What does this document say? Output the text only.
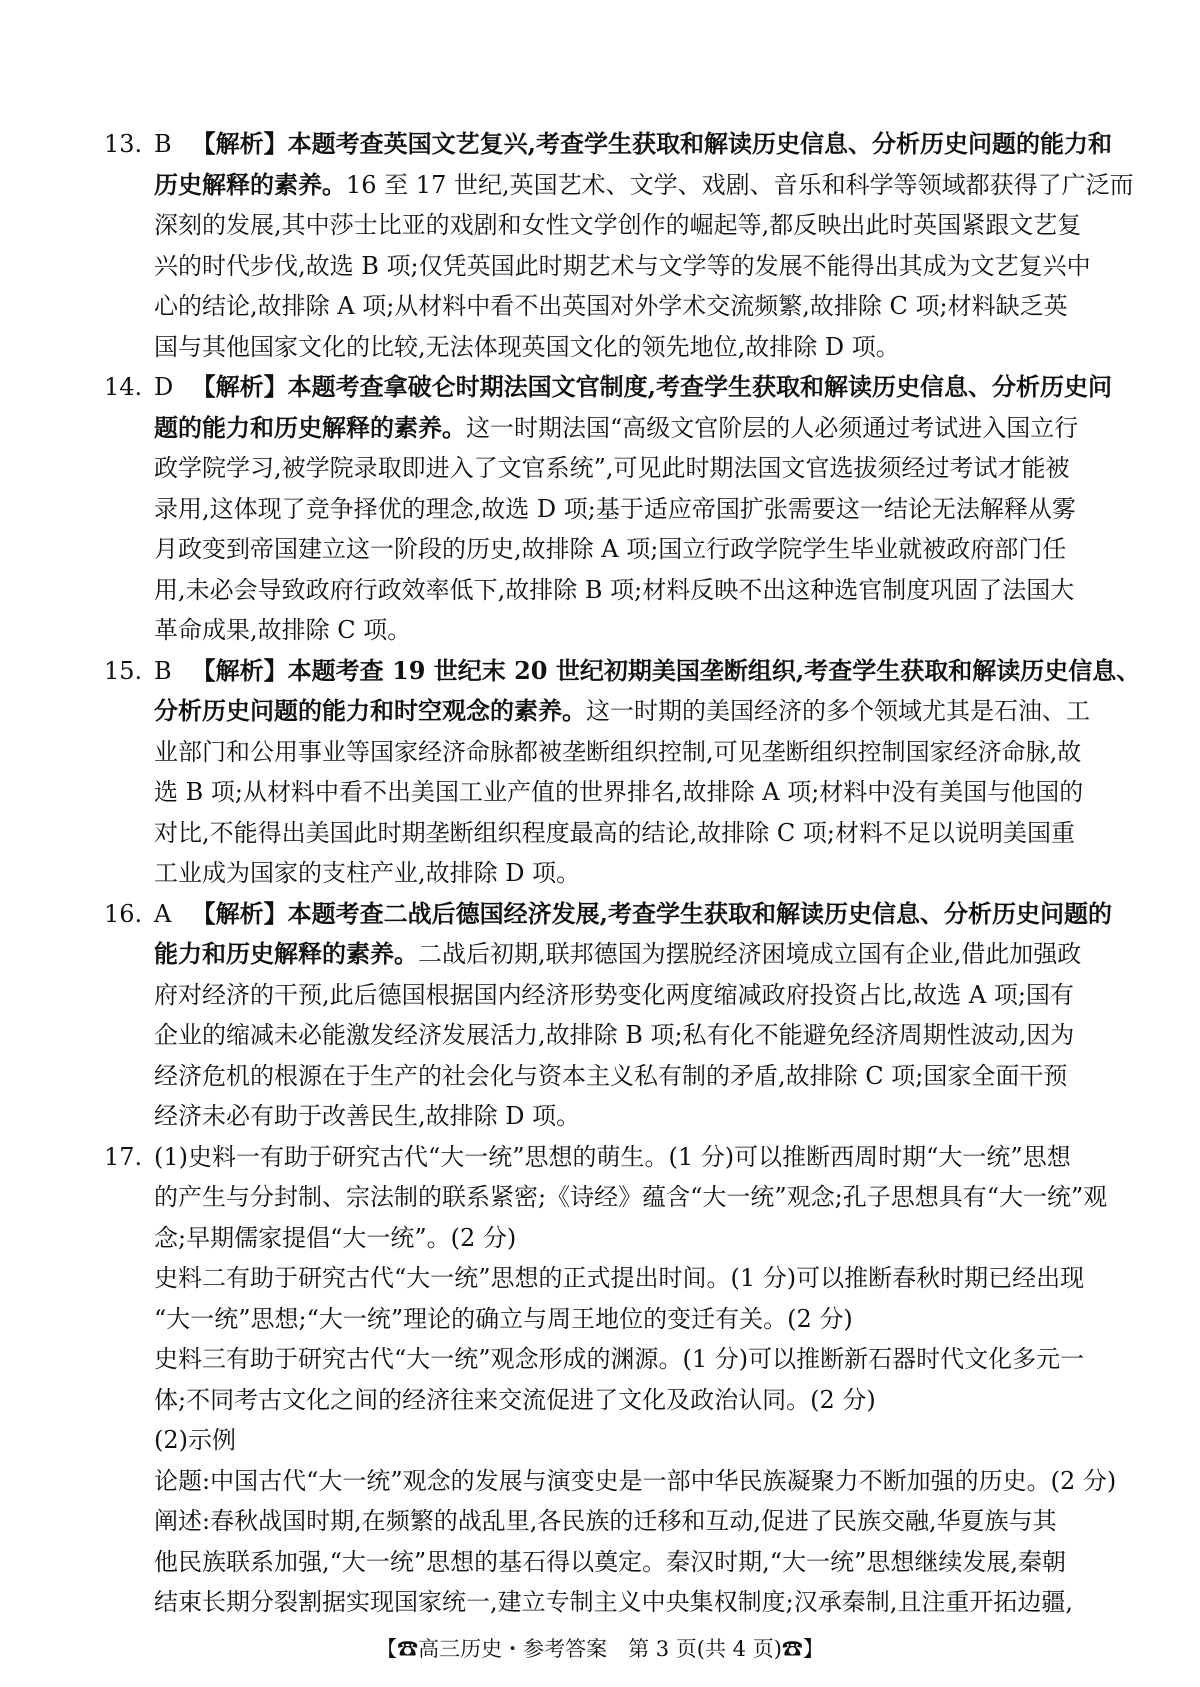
13. B 【解析】本题考查英国文艺复兴,考查学生获取和解读历史信息、分析历史问题的能力和
历史解释的素养。16 至 17 世纪,英国艺术、文学、戏剧、音乐和科学等领域都获得了广泛而
深刻的发展,其中莎士比亚的戏剧和女性文学创作的崛起等,都反映出此时英国紧跟文艺复
兴的时代步伐,故选 B 项;仅凭英国此时期艺术与文学等的发展不能得出其成为文艺复兴中
心的结论,故排除 A 项;从材料中看不出英国对外学术交流频繁,故排除 C 项;材料缺乏英
国与其他国家文化的比较,无法体现英国文化的领先地位,故排除 D 项。
14. D 【解析】本题考查拿破仑时期法国文官制度,考查学生获取和解读历史信息、分析历史问
题的能力和历史解释的素养。这一时期法国“高级文官阶层的人必须通过考试进入国立行
政学院学习,被学院录取即进入了文官系统”,可见此时期法国文官选拔须经过考试才能被
录用,这体现了竞争择优的理念,故选 D 项;基于适应帝国扩张需要这一结论无法解释从雾
月政变到帝国建立这一阶段的历史,故排除 A 项;国立行政学院学生毕业就被政府部门任
用,未必会导致政府行政效率低下,故排除 B 项;材料反映不出这种选官制度巩固了法国大
革命成果,故排除 C 项。
15. B 【解析】本题考查 19 世纪末 20 世纪初期美国垄断组织,考查学生获取和解读历史信息、
分析历史问题的能力和时空观念的素养。这一时期的美国经济的多个领域尤其是石油、工
业部门和公用事业等国家经济命脉都被垄断组织控制,可见垄断组织控制国家经济命脉,故
选 B 项;从材料中看不出美国工业产值的世界排名,故排除 A 项;材料中没有美国与他国的
对比,不能得出美国此时期垄断组织程度最高的结论,故排除 C 项;材料不足以说明美国重
工业成为国家的支柱产业,故排除 D 项。
16. A 【解析】本题考查二战后德国经济发展,考查学生获取和解读历史信息、分析历史问题的
能力和历史解释的素养。二战后初期,联邦德国为摆脱经济困境成立国有企业,借此加强政
府对经济的干预,此后德国根据国内经济形势变化两度缩减政府投资占比,故选 A 项;国有
企业的缩减未必能激发经济发展活力,故排除 B 项;私有化不能避免经济周期性波动,因为
经济危机的根源在于生产的社会化与资本主义私有制的矛盾,故排除 C 项;国家全面干预
经济未必有助于改善民生,故排除 D 项。
17. (1)史料一有助于研究古代“大一统”思想的萌生。(1 分)可以推断西周时期“大一统”思想
的产生与分封制、宗法制的联系紧密;《诗经》蕴含“大一统”观念;孔子思想具有“大一统”观
念;早期儒家提倡“大一统”。(2 分)
史料二有助于研究古代“大一统”思想的正式提出时间。(1 分)可以推断春秋时期已经出现
“大一统”思想;“大一统”理论的确立与周王地位的变迁有关。(2 分)
史料三有助于研究古代“大一统”观念形成的渊源。(1 分)可以推断新石器时代文化多元一
体;不同考古文化之间的经济往来交流促进了文化及政治认同。(2 分)
(2)示例
论题:中国古代“大一统”观念的发展与演变史是一部中华民族凝聚力不断加强的历史。(2 分)
阐述:春秋战国时期,在频繁的战乱里,各民族的迁移和互动,促进了民族交融,华夏族与其
他民族联系加强,“大一统”思想的基石得以奠定。秦汉时期,“大一统”思想继续发展,秦朝
结束长期分裂割据实现国家统一,建立专制主义中央集权制度;汉承秦制,且注重开拓边疆,
【☎高三历史・参考答案　第 3 页(共 4 页)☎】
